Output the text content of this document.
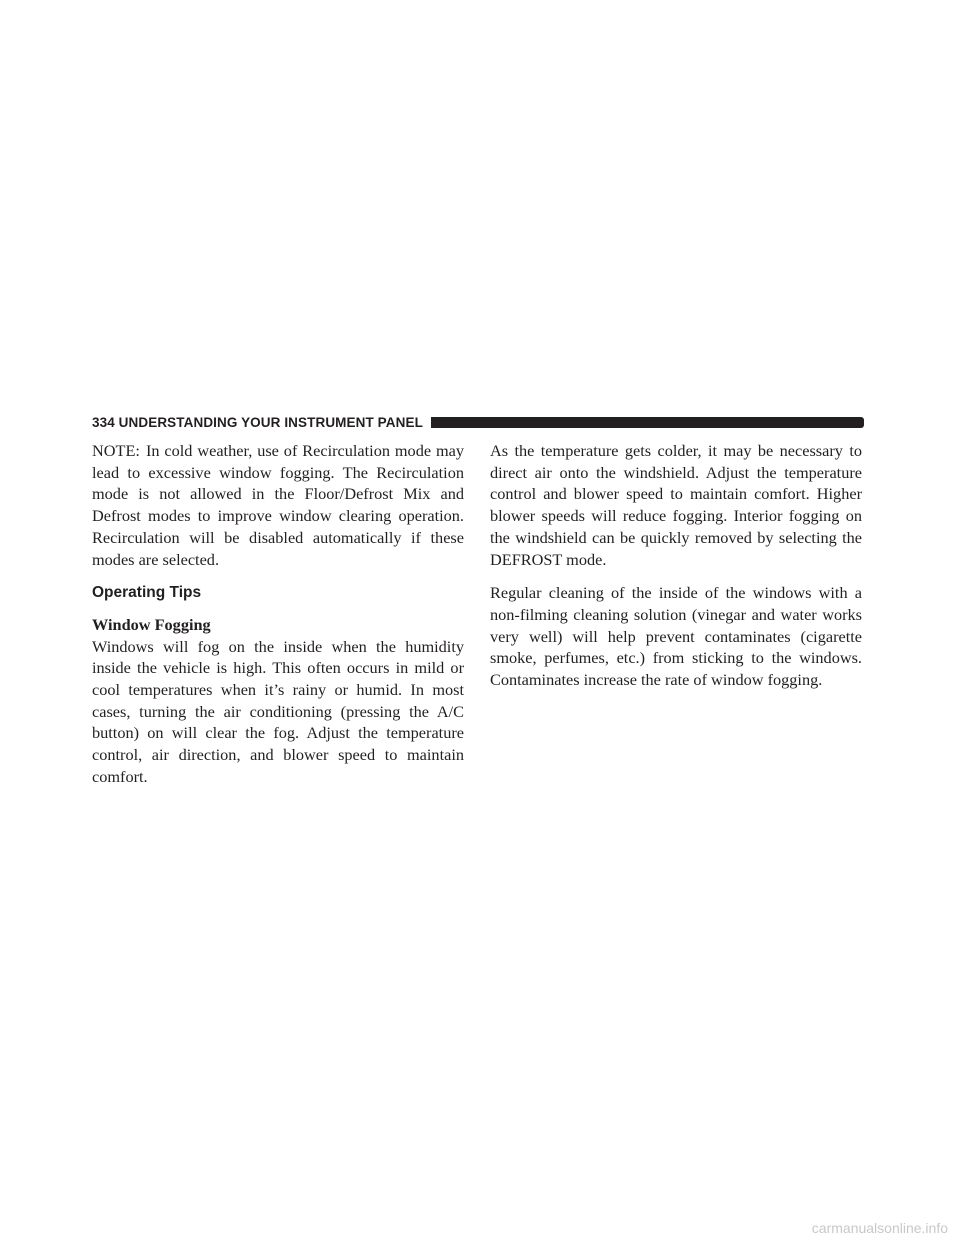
334 UNDERSTANDING YOUR INSTRUMENT PANEL

NOTE: In cold weather, use of Recirculation mode may lead to excessive window fogging. The Recirculation mode is not allowed in the Floor/Defrost Mix and Defrost modes to improve window clearing operation. Recirculation will be disabled automatically if these modes are selected.

Operating Tips
Window Fogging

Windows will fog on the inside when the humidity inside the vehicle is high. This often occurs in mild or cool temperatures when it’s rainy or humid. In most cases, turning the air conditioning (pressing the A/C button) on will clear the fog. Adjust the temperature control, air direction, and blower speed to maintain comfort.

As the temperature gets colder, it may be necessary to direct air onto the windshield. Adjust the temperature control and blower speed to maintain comfort. Higher blower speeds will reduce fogging. Interior fogging on the windshield can be quickly removed by selecting the DEFROST mode.

Regular cleaning of the inside of the windows with a non-filming cleaning solution (vinegar and water works very well) will help prevent contaminates (cigarette smoke, perfumes, etc.) from sticking to the windows. Contaminates increase the rate of window fogging.

carmanualsonline.info
